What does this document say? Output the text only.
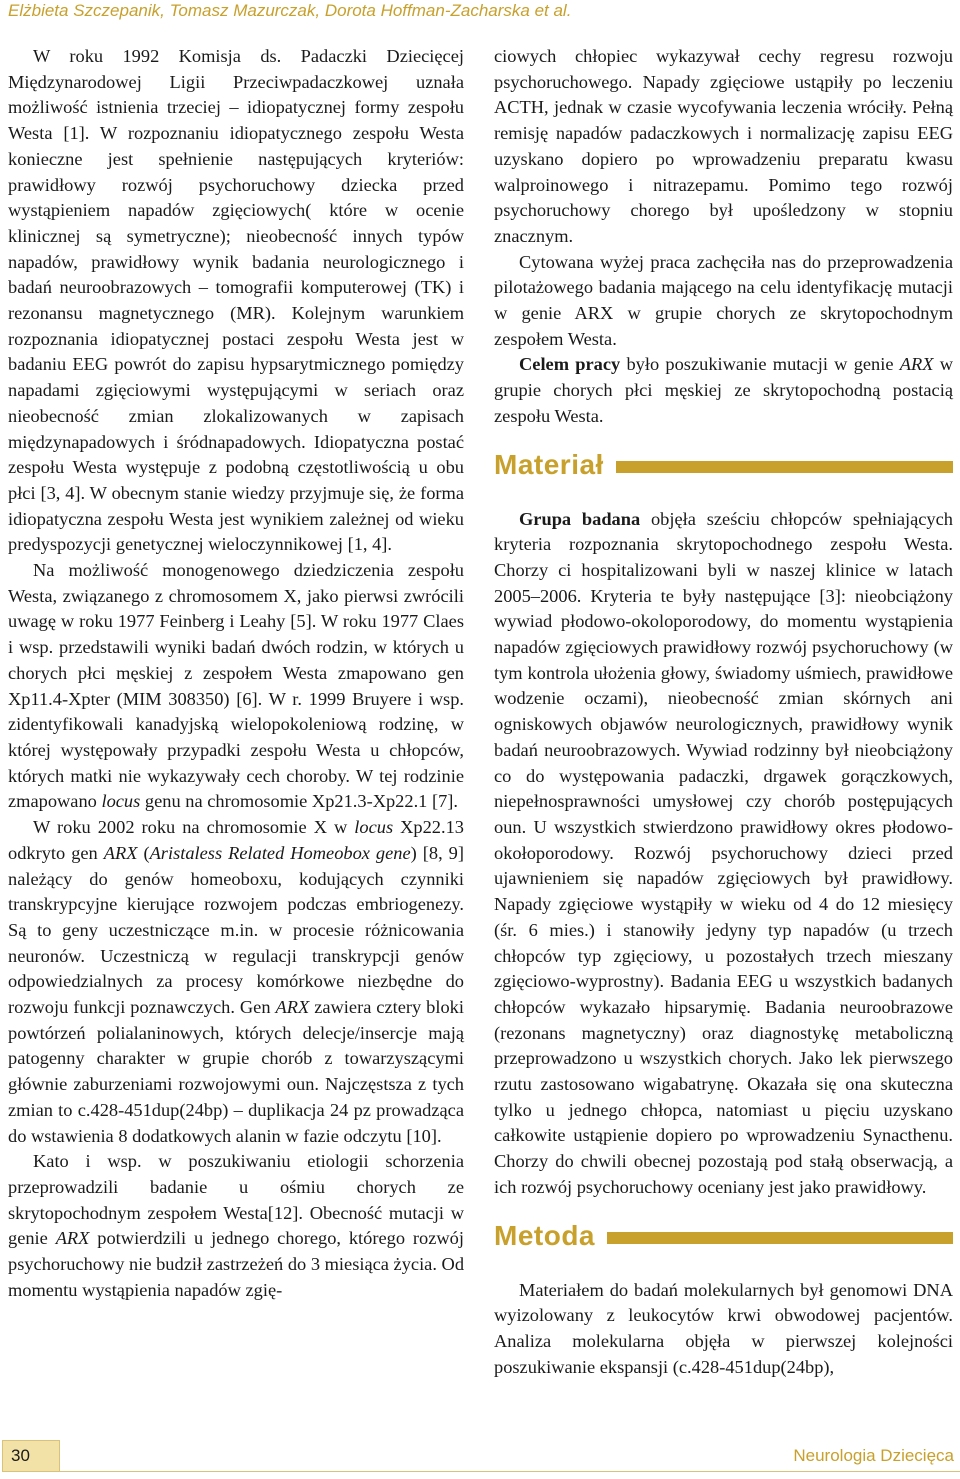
Elżbieta Szczepanik, Tomasz Mazurczak, Dorota Hoffman-Zacharska et al.

W roku 1992 Komisja ds. Padaczki Dziecięcej Międzynarodowej Ligii Przeciwpadaczkowej uznała możliwość istnienia trzeciej – idiopatycznej formy zespołu Westa [1]. W rozpoznaniu idiopatycznego zespołu Westa konieczne jest spełnienie następujących kryteriów: prawidłowy rozwój psychoruchowy dziecka przed wystąpieniem napadów zgięciowych( które w ocenie klinicznej są symetryczne); nieobecność innych typów napadów, prawidłowy wynik badania neurologicznego i badań neuroobrazowych – tomografii komputerowej (TK) i rezonansu magnetycznego (MR). Kolejnym warunkiem rozpoznania idiopatycznej postaci zespołu Westa jest w badaniu EEG powrót do zapisu hypsarytmicznego pomiędzy napadami zgięciowymi występującymi w seriach oraz nieobecność zmian zlokalizowanych w zapisach międzynapadowych i śródnapadowych. Idiopatyczna postać zespołu Westa występuje z podobną częstotliwością u obu płci [3, 4]. W obecnym stanie wiedzy przyjmuje się, że forma idiopatyczna zespołu Westa jest wynikiem zależnej od wieku predyspozycji genetycznej wieloczynnikowej [1, 4].

Na możliwość monogenowego dziedziczenia zespołu Westa, związanego z chromosomem X, jako pierwsi zwrócili uwagę w roku 1977 Feinberg i Leahy [5]. W roku 1977 Claes i wsp. przedstawili wyniki badań dwóch rodzin, w których u chorych płci męskiej z zespołem Westa zmapowano gen Xp11.4-Xpter (MIM 308350) [6]. W r. 1999 Bruyere i wsp. zidentyfikowali kanadyjską wielopokoleniową rodzinę, w której występowały przypadki zespołu Westa u chłopców, których matki nie wykazywały cech choroby. W tej rodzinie zmapowano locus genu na chromosomie Xp21.3-Xp22.1 [7].

W roku 2002 roku na chromosomie X w locus Xp22.13 odkryto gen ARX (Aristaless Related Homeobox gene) [8, 9] należący do genów homeoboxu, kodujących czynniki transkrypcyjne kierujące rozwojem podczas embriogenezy. Są to geny uczestniczące m.in. w procesie różnicowania neuronów. Uczestniczą w regulacji transkrypcji genów odpowiedzialnych za procesy komórkowe niezbędne do rozwoju funkcji poznawczych. Gen ARX zawiera cztery bloki powtórzeń polialaninowych, których delecje/insercje mają patogenny charakter w grupie chorób z towarzyszącymi głównie zaburzeniami rozwojowymi oun. Najczęstsza z tych zmian to c.428-451dup(24bp) – duplikacja 24 pz prowadząca do wstawienia 8 dodatkowych alanin w fazie odczytu [10].

Kato i wsp. w poszukiwaniu etiologii schorzenia przeprowadzili badanie u ośmiu chorych ze skrytopochodnym zespołem Westa[12]. Obecność mutacji w genie ARX potwierdzili u jednego chorego, którego rozwój psychoruchowy nie budził zastrzeżeń do 3 miesiąca życia. Od momentu wystąpienia napadów zgię-

ciowych chłopiec wykazywał cechy regresu rozwoju psychoruchowego. Napady zgięciowe ustąpiły po leczeniu ACTH, jednak w czasie wycofywania leczenia wróciły. Pełną remisję napadów padaczkowych i normalizację zapisu EEG uzyskano dopiero po wprowadzeniu preparatu kwasu walproinowego i nitrazepamu. Pomimo tego rozwój psychoruchowy chorego był upośledzony w stopniu znacznym.

Cytowana wyżej praca zachęciła nas do przeprowadzenia pilotażowego badania mającego na celu identyfikację mutacji w genie ARX w grupie chorych ze skrytopochodnym zespołem Westa.

Celem pracy było poszukiwanie mutacji w genie ARX w grupie chorych płci męskiej ze skrytopochodną postacią zespołu Westa.

Materiał

Grupa badana objęła sześciu chłopców spełniających kryteria rozpoznania skrytopochodnego zespołu Westa. Chorzy ci hospitalizowani byli w naszej klinice w latach 2005–2006. Kryteria te były następujące [3]: nieobciążony wywiad płodowo-okoloporodowy, do momentu wystąpienia napadów zgięciowych prawidłowy rozwój psychoruchowy (w tym kontrola ułożenia głowy, świadomy uśmiech, prawidłowe wodzenie oczami), nieobecność zmian skórnych ani ogniskowych objawów neurologicznych, prawidłowy wynik badań neuroobrazowych. Wywiad rodzinny był nieobciążony co do występowania padaczki, drgawek gorączkowych, niepełnosprawności umysłowej czy chorób postępujących oun. U wszystkich stwierdzono prawidłowy okres płodowo-okołoporodowy. Rozwój psychoruchowy dzieci przed ujawnieniem się napadów zgięciowych był prawidłowy. Napady zgięciowe wystąpiły w wieku od 4 do 12 miesięcy (śr. 6 mies.) i stanowiły jedyny typ napadów (u trzech chłopców typ zgięciowy, u pozostałych trzech mieszany zgięciowo-wyprostny). Badania EEG u wszystkich badanych chłopców wykazało hipsarymię. Badania neuroobrazowe (rezonans magnetyczny) oraz diagnostykę metaboliczną przeprowadzono u wszystkich chorych. Jako lek pierwszego rzutu zastosowano wigabatrynę. Okazała się ona skuteczna tylko u jednego chłopca, natomiast u pięciu uzyskano całkowite ustąpienie dopiero po wprowadzeniu Synacthenu. Chorzy do chwili obecnej pozostają pod stałą obserwacją, a ich rozwój psychoruchowy oceniany jest jako prawidłowy.

Metoda

Materiałem do badań molekularnych był genomowi DNA wyizolowany z leukocytów krwi obwodowej pacjentów. Analiza molekularna objęła w pierwszej kolejności poszukiwanie ekspansji (c.428-451dup(24bp),

30	Neurologia Dziecięca
